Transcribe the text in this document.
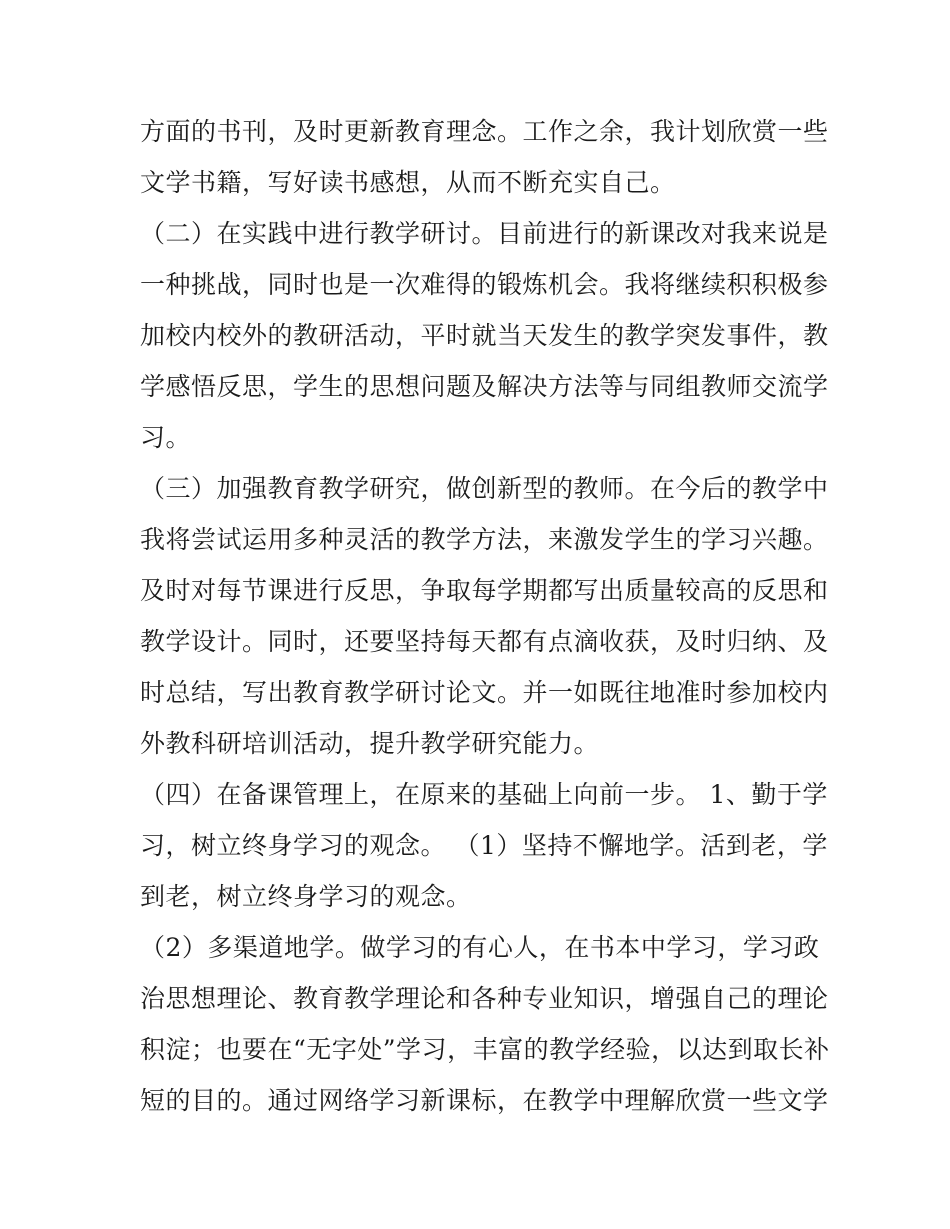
方面的书刊，及时更新教育理念。工作之余，我计划欣赏一些
文学书籍，写好读书感想，从而不断充实自己。
（二）在实践中进行教学研讨。目前进行的新课改对我来说是
一种挑战，同时也是一次难得的锻炼机会。我将继续积积极参
加校内校外的教研活动，平时就当天发生的教学突发事件，教
学感悟反思，学生的思想问题及解决方法等与同组教师交流学
习。
（三）加强教育教学研究，做创新型的教师。在今后的教学中
我将尝试运用多种灵活的教学方法，来激发学生的学习兴趣。
及时对每节课进行反思，争取每学期都写出质量较高的反思和
教学设计。同时，还要坚持每天都有点滴收获，及时归纳、及
时总结，写出教育教学研讨论文。并一如既往地准时参加校内
外教科研培训活动，提升教学研究能力。
（四）在备课管理上，在原来的基础上向前一步。 1、勤于学
习，树立终身学习的观念。 （1）坚持不懈地学。活到老，学
到老，树立终身学习的观念。
（2）多渠道地学。做学习的有心人，在书本中学习，学习政
治思想理论、教育教学理论和各种专业知识，增强自己的理论
积淀；也要在“无字处”学习，丰富的教学经验，以达到取长补
短的目的。通过网络学习新课标，在教学中理解欣赏一些文学
